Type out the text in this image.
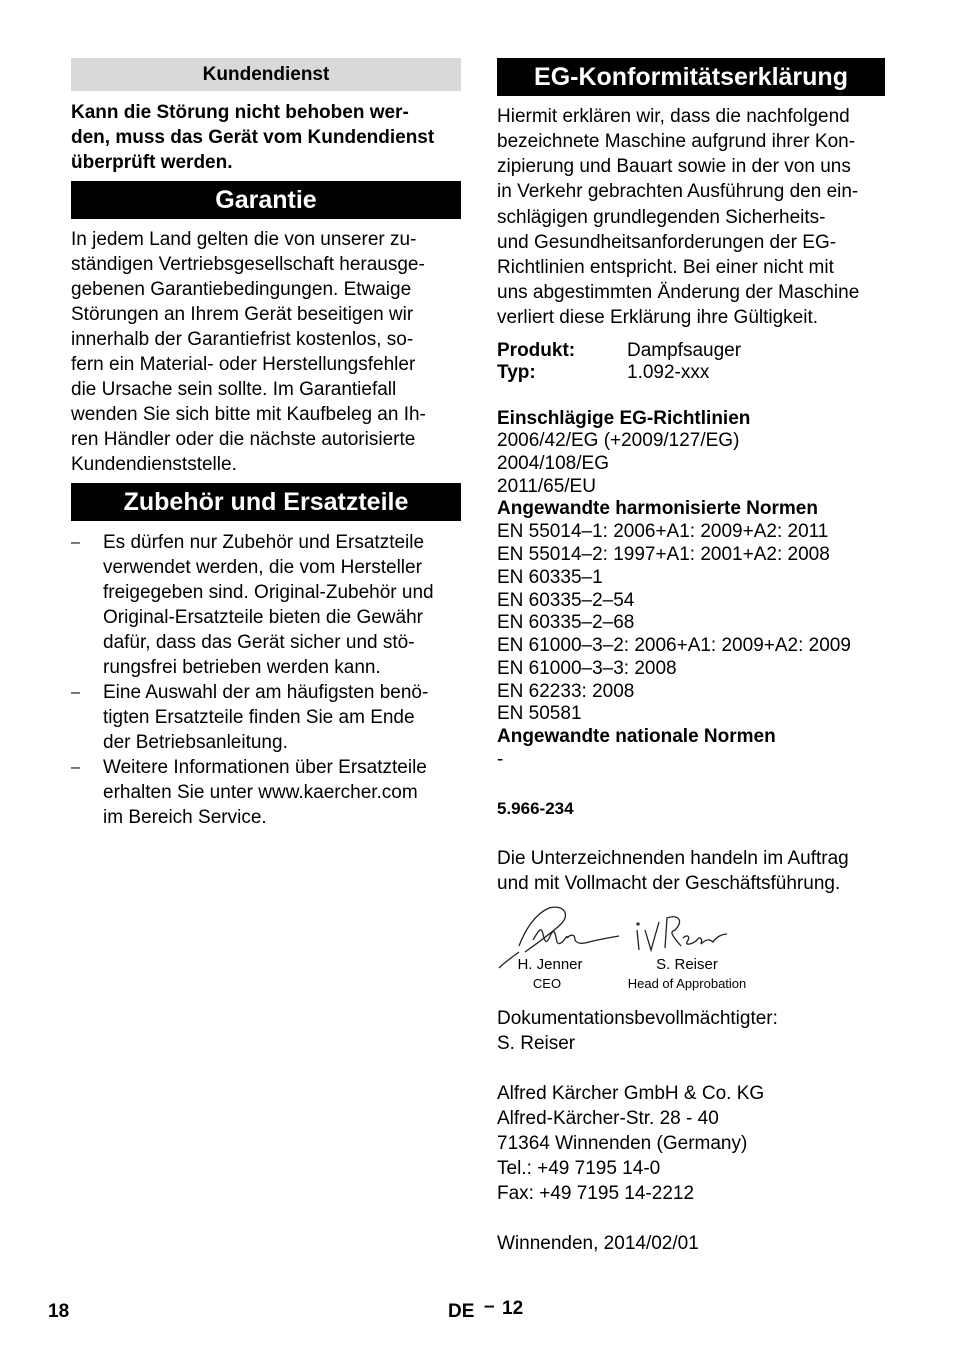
Kundendienst
Kann die Störung nicht behoben wer-
den, muss das Gerät vom Kundendienst
überprüft werden.
Garantie
In jedem Land gelten die von unserer zu-
ständigen Vertriebsgesellschaft herausge-
gebenen Garantiebedingungen. Etwaige
Störungen an Ihrem Gerät beseitigen wir
innerhalb der Garantiefrist kostenlos, so-
fern ein Material- oder Herstellungsfehler
die Ursache sein sollte. Im Garantiefall
wenden Sie sich bitte mit Kaufbeleg an Ih-
ren Händler oder die nächste autorisierte
Kundendienststelle.
Zubehör und Ersatzteile
– Es dürfen nur Zubehör und Ersatzteile
verwendet werden, die vom Hersteller
freigegeben sind. Original-Zubehör und
Original-Ersatzteile bieten die Gewähr
dafür, dass das Gerät sicher und stö-
rungsfrei betrieben werden kann.
– Eine Auswahl der am häufigsten benö-
tigten Ersatzteile finden Sie am Ende
der Betriebsanleitung.
– Weitere Informationen über Ersatzteile
erhalten Sie unter www.kaercher.com
im Bereich Service.
EG-Konformitätserklärung
Hiermit erklären wir, dass die nachfolgend
bezeichnete Maschine aufgrund ihrer Kon-
zipierung und Bauart sowie in der von uns
in Verkehr gebrachten Ausführung den ein-
schlägigen grundlegenden Sicherheits-
und Gesundheitsanforderungen der EG-
Richtlinien entspricht. Bei einer nicht mit
uns abgestimmten Änderung der Maschine
verliert diese Erklärung ihre Gültigkeit.
Produkt:	Dampfsauger
Typ:	1.092-xxx
Einschlägige EG-Richtlinien
2006/42/EG (+2009/127/EG)
2004/108/EG
2011/65/EU
Angewandte harmonisierte Normen
EN 55014–1: 2006+A1: 2009+A2: 2011
EN 55014–2: 1997+A1: 2001+A2: 2008
EN 60335–1
EN 60335–2–54
EN 60335–2–68
EN 61000–3–2: 2006+A1: 2009+A2: 2009
EN 61000–3–3: 2008
EN 62233: 2008
EN 50581
Angewandte nationale Normen
-
5.966-234
Die Unterzeichnenden handeln im Auftrag
und mit Vollmacht der Geschäftsführung.
H. Jenner
CEO
S. Reiser
Head of Approbation
Dokumentationsbevollmächtigter:
S. Reiser
Alfred Kärcher GmbH & Co. KG
Alfred-Kärcher-Str. 28 - 40
71364 Winnenden (Germany)
Tel.: +49 7195 14-0
Fax: +49 7195 14-2212
Winnenden, 2014/02/01
18	DE – 12
